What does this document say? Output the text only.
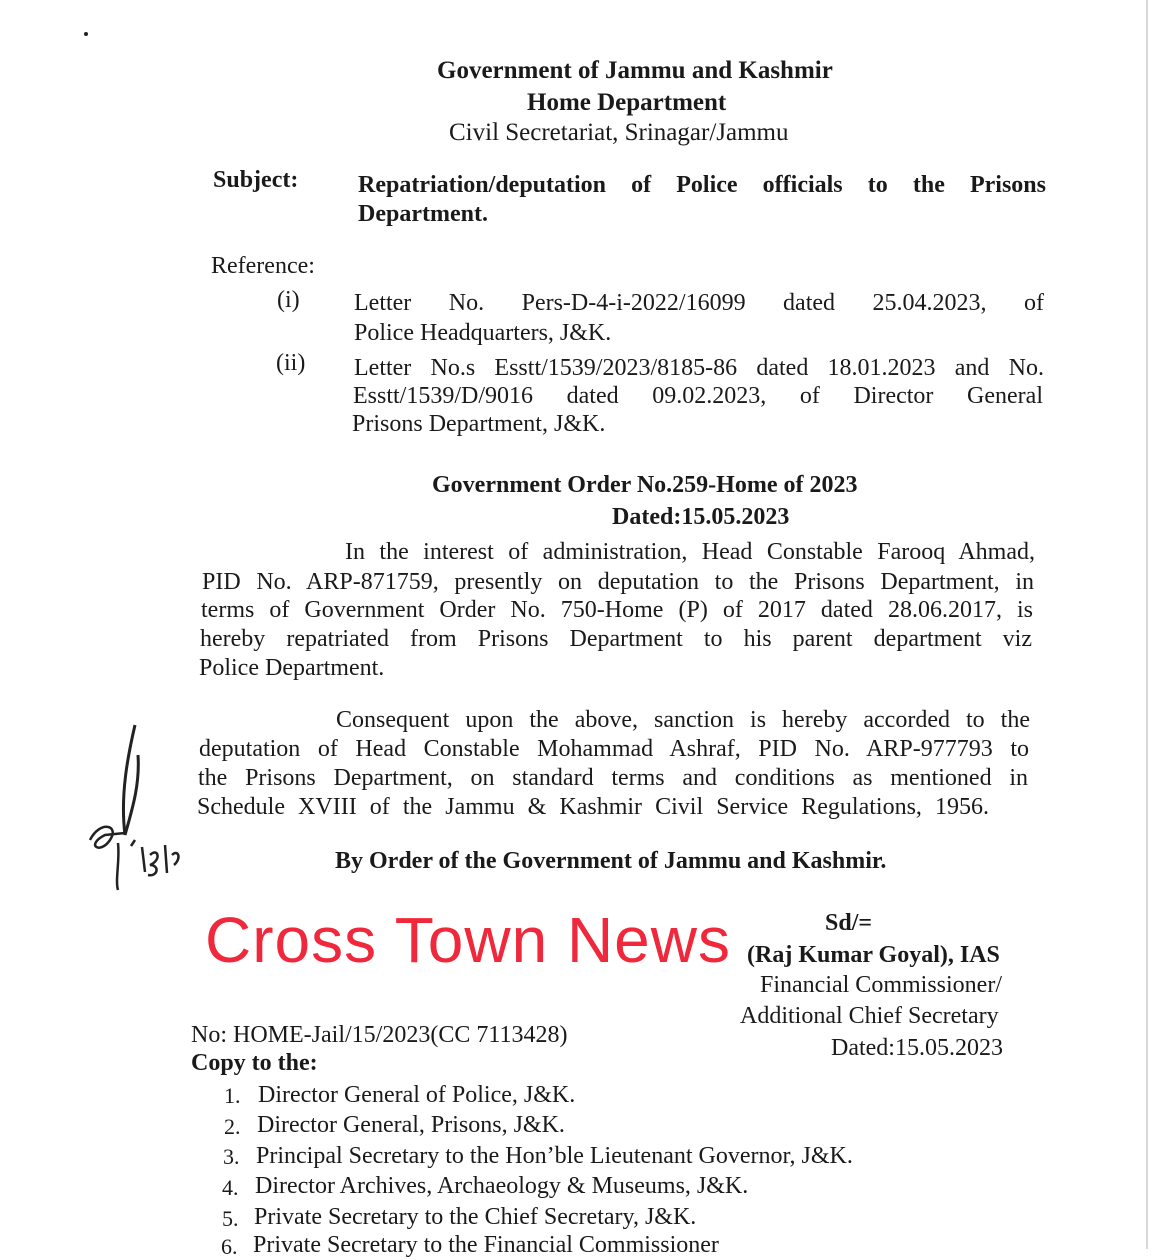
Government of Jammu and Kashmir
Home Department
Civil Secretariat, Srinagar/Jammu
Subject: Repatriation/deputation of Police officials to the Prisons
Department.
Reference:
(i) Letter No. Pers-D-4-i-2022/16099 dated 25.04.2023, of
Police Headquarters, J&K.
(ii) Letter No.s Esstt/1539/2023/8185-86 dated 18.01.2023 and No.
Esstt/1539/D/9016 dated 09.02.2023, of Director General
Prisons Department, J&K.
Government Order No.259-Home of 2023
Dated:15.05.2023
In the interest of administration, Head Constable Farooq Ahmad,
PID No. ARP-871759, presently on deputation to the Prisons Department, in
terms of Government Order No. 750-Home (P) of 2017 dated 28.06.2017, is
hereby repatriated from Prisons Department to his parent department viz
Police Department.
Consequent upon the above, sanction is hereby accorded to the
deputation of Head Constable Mohammad Ashraf, PID No. ARP-977793 to
the Prisons Department, on standard terms and conditions as mentioned in
Schedule XVIII of the Jammu & Kashmir Civil Service Regulations, 1956.
By Order of the Government of Jammu and Kashmir.
Sd/=
(Raj Kumar Goyal), IAS
Financial Commissioner/
Additional Chief Secretary
Dated:15.05.2023
No: HOME-Jail/15/2023(CC 7113428)
Copy to the:
1. Director General of Police, J&K.
2. Director General, Prisons, J&K.
3. Principal Secretary to the Hon’ble Lieutenant Governor, J&K.
4. Director Archives, Archaeology & Museums, J&K.
5. Private Secretary to the Chief Secretary, J&K.
6. Private Secretary to the Financial Commissioner
Cross Town News
